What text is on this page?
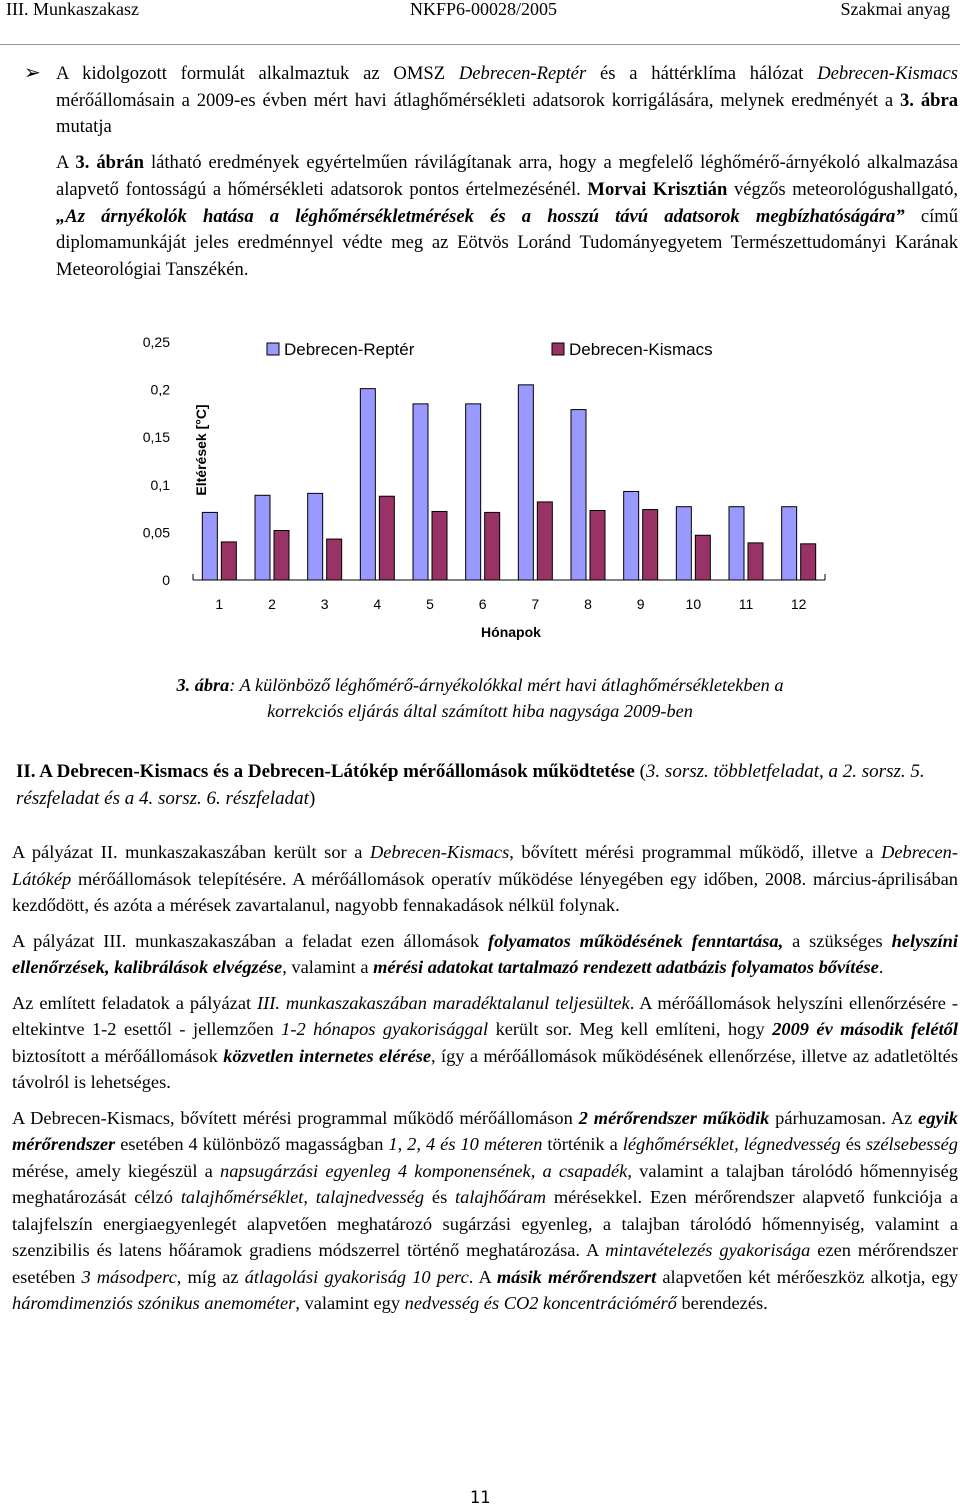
III. Munkaszakasz	NKFP6-00028/2005	Szakmai anyag
➢ A kidolgozott formulát alkalmaztuk az OMSZ Debrecen-Reptér és a háttérklíma hálózat Debrecen-Kismacs mérőállomásain a 2009-es évben mért havi átlaghőmérsékleti adatsorok korrigálására, melynek eredményét a 3. ábra mutatja

A 3. ábrán látható eredmények egyértelműen rávilágítanak arra, hogy a megfelelő léghőmérő-árnyékoló alkalmazása alapvető fontosságú a hőmérsékleti adatsorok pontos értelmezésénél. Morvai Krisztián végzős meteorológushallgató, „Az árnyékolók hatása a léghőmérsékletmérések és a hosszú távú adatsorok megbízhatóságára” című diplomamunkáját jeles eredménnyel védte meg az Eötvös Loránd Tudományegyetem Természettudományi Karának Meteorológiai Tanszékén.

0
0,05
0,1
0,15
0,2
0,25
Eltérések [°C]
1	2	3	4	5	6	7	8	9	10	11	12
Hónapok
Debrecen-Reptér	Debrecen-Kismacs
3. ábra: A különböző léghőmérő-árnyékolókkal mért havi átlaghőmérsékletekben a korrekciós eljárás által számított hiba nagysága 2009-ben
II. A Debrecen-Kismacs és a Debrecen-Látókép mérőállomások működtetése (3. sorsz. többletfeladat, a 2. sorsz. 5. részfeladat és a 4. sorsz. 6. részfeladat)

A pályázat II. munkaszakaszában került sor a Debrecen-Kismacs, bővített mérési programmal működő, illetve a Debrecen-Látókép mérőállomások telepítésére. A mérőállomások operatív működése lényegében egy időben, 2008. március-áprilisában kezdődött, és azóta a mérések zavartalanul, nagyobb fennakadások nélkül folynak.

A pályázat III. munkaszakaszában a feladat ezen állomások folyamatos működésének fenntartása, a szükséges helyszíni ellenőrzések, kalibrálások elvégzése, valamint a mérési adatokat tartalmazó rendezett adatbázis folyamatos bővítése.

Az említett feladatok a pályázat III. munkaszakaszában maradéktalanul teljesültek. A mérőállomások helyszíni ellenőrzésére - eltekintve 1-2 esettől - jellemzően 1-2 hónapos gyakorisággal került sor. Meg kell említeni, hogy 2009 év második felétől biztosított a mérőállomások közvetlen internetes elérése, így a mérőállomások működésének ellenőrzése, illetve az adatletöltés távolról is lehetséges.

A Debrecen-Kismacs, bővített mérési programmal működő mérőállomáson 2 mérőrendszer működik párhuzamosan. Az egyik mérőrendszer esetében 4 különböző magasságban 1, 2, 4 és 10 méteren történik a léghőmérséklet, légnedvesség és szélsebesség mérése, amely kiegészül a napsugárzási egyenleg 4 komponensének, a csapadék, valamint a talajban tárolódó hőmennyiség meghatározását célzó talajhőmérséklet, talajnedvesség és talajhőáram mérésekkel. Ezen mérőrendszer alapvető funkciója a talajfelszín energiaegyenlegét alapvetően meghatározó sugárzási egyenleg, a talajban tárolódó hőmennyiség, valamint a szenzibilis és latens hőáramok gradiens módszerrel történő meghatározása. A mintavételezés gyakorisága ezen mérőrendszer esetében 3 másodperc, míg az átlagolási gyakoriság 10 perc. A másik mérőrendszert alapvetően két mérőeszköz alkotja, egy háromdimenziós szónikus anemométer, valamint egy nedvesség és CO2 koncentrációmérő berendezés.

11
